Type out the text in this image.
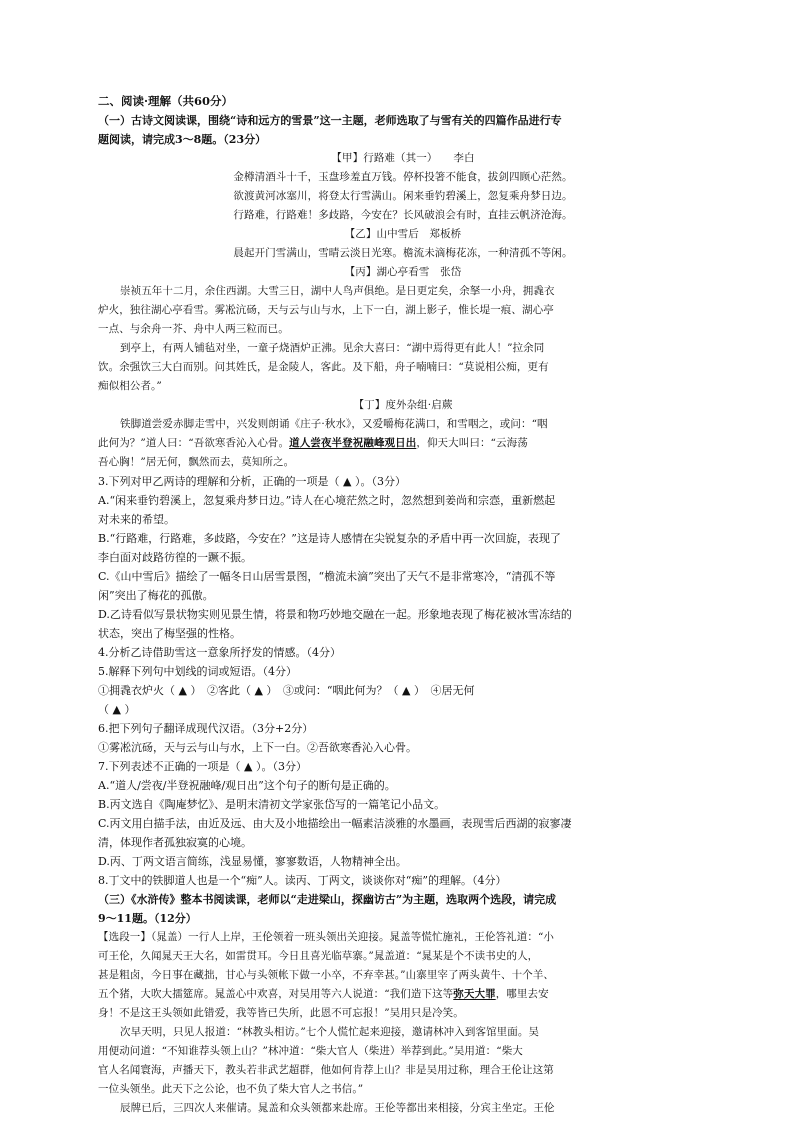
二、阅读·理解（共60分）
（一）古诗文阅读课，围绕“诗和远方的雪景”这一主题，老师选取了与雪有关的四篇作品进行专
题阅读，请完成3～8题。（23分）
【甲】行路难（其一）　　李白
金樽清酒斗十千，玉盘珍羞直万钱。停杯投箸不能食，拔剑四顾心茫然。
欲渡黄河冰塞川，将登太行雪满山。闲来垂钓碧溪上，忽复乘舟梦日边。
行路难，行路难！多歧路，今安在？长风破浪会有时，直挂云帆济沧海。
【乙】山中雪后　郑板桥
晨起开门雪满山，雪晴云淡日光寒。檐流未滴梅花冻，一种清孤不等闲。
【丙】湖心亭看雪　张岱
崇祯五年十二月，余住西湖。大雪三日，湖中人鸟声俱绝。是日更定矣，余拏一小舟，拥毳衣
炉火，独往湖心亭看雪。雾凇沆砀，天与云与山与水，上下一白，湖上影子，惟长堤一痕、湖心亭
一点、与余舟一芥、舟中人两三粒而已。
到亭上，有两人铺毡对坐，一童子烧酒炉正沸。见余大喜曰：“湖中焉得更有此人！”拉余同
饮。余强饮三大白而别。问其姓氏，是金陵人，客此。及下船，舟子喃喃曰：“莫说相公痴，更有
痴似相公者。”
【丁】度外杂组·启蕨
铁脚道尝爱赤脚走雪中，兴发则朗诵《庄子·秋水》，又爱嚼梅花满口，和雪咽之，或问：“咽
此何为？”道人曰：“吾欲寒香沁入心骨。道人尝夜半登祝融峰观日出，仰天大叫曰：“云海荡
吾心胸！”居无何，飘然而去，莫知所之。
3.下列对甲乙两诗的理解和分析，正确的一项是（ ▲ ）。（3分）
A.“闲来垂钓碧溪上，忽复乘舟梦日边。”诗人在心境茫然之时，忽然想到姜尚和宗悫，重新燃起
对未来的希望。
B.“行路难，行路难，多歧路，今安在？”这是诗人感情在尖锐复杂的矛盾中再一次回旋，表现了
李白面对歧路彷徨的一蹶不振。
C.《山中雪后》描绘了一幅冬日山居雪景图，“檐流未滴”突出了天气不是非常寒冷，“清孤不等
闲”突出了梅花的孤傲。
D.乙诗看似写景状物实则见景生情，将景和物巧妙地交融在一起。形象地表现了梅花被冰雪冻结的
状态，突出了梅坚强的性格。
4.分析乙诗借助雪这一意象所抒发的情感。（4分）
5.解释下列句中划线的词或短语。（4分）
①拥毳衣炉火（ ▲ ）　②客此（ ▲ ）　③或问：“咽此何为？（ ▲ ）　④居无何
（ ▲ ）
6.把下列句子翻译成现代汉语。（3分+2分）
①雾凇沆砀，天与云与山与水，上下一白。②吾欲寒香沁入心骨。
7.下列表述不正确的一项是（ ▲ ）。（3分）
A.“道人/尝夜/半登祝融峰/观日出”这个句子的断句是正确的。
B.丙文选自《陶庵梦忆》、是明末清初文学家张岱写的一篇笔记小品文。
C.丙文用白描手法，由近及远、由大及小地描绘出一幅素洁淡雅的水墨画，表现雪后西湖的寂寥凄
清，体现作者孤独寂寞的心境。
D.丙、丁两文语言简练，浅显易懂，寥寥数语，人物精神全出。
8.丁文中的铁脚道人也是一个“痴”人。读丙、丁两文，谈谈你对“痴”的理解。（4分）
（三）《水浒传》整本书阅读课，老师以“走进梁山，探幽访古”为主题，选取两个选段，请完成
9～11题。（12分）
【选段一】（晁盖）一行人上岸，王伦领着一班头领出关迎接。晁盖等慌忙施礼，王伦答礼道：“小
可王伦，久闻晁天王大名，如雷贯耳。今日且喜光临草寨。”晁盖道：“晁某是个不读书史的人，
甚是粗卤，今日事在藏拙，甘心与头领帐下做一小卒，不弃幸甚。”山寨里宰了两头黄牛、十个羊、
五个猪，大吹大擂筵席。晁盖心中欢喜，对吴用等六人说道：“我们造下这等弥天大罪，哪里去安
身！不是这王头领如此错爱，我等皆已失所，此恩不可忘报！”吴用只是冷笑。
次早天明，只见人报道：“林教头相访。”七个人慌忙起来迎接，邀请林冲入到客馆里面。吴
用便动问道：“不知谁荐头领上山？”林冲道：“柴大官人（柴进）举荐到此。”吴用道：“柴大
官人名闻寰海，声播天下，教头若非武艺超群，他如何肯荐上山？非是吴用过称，理合王伦让这第
一位头领坐。此天下之公论，也不负了柴大官人之书信。”
辰牌已后，三四次人来催请。晁盖和众头领都来赴席。王伦等都出来相接，分宾主坐定。王伦
